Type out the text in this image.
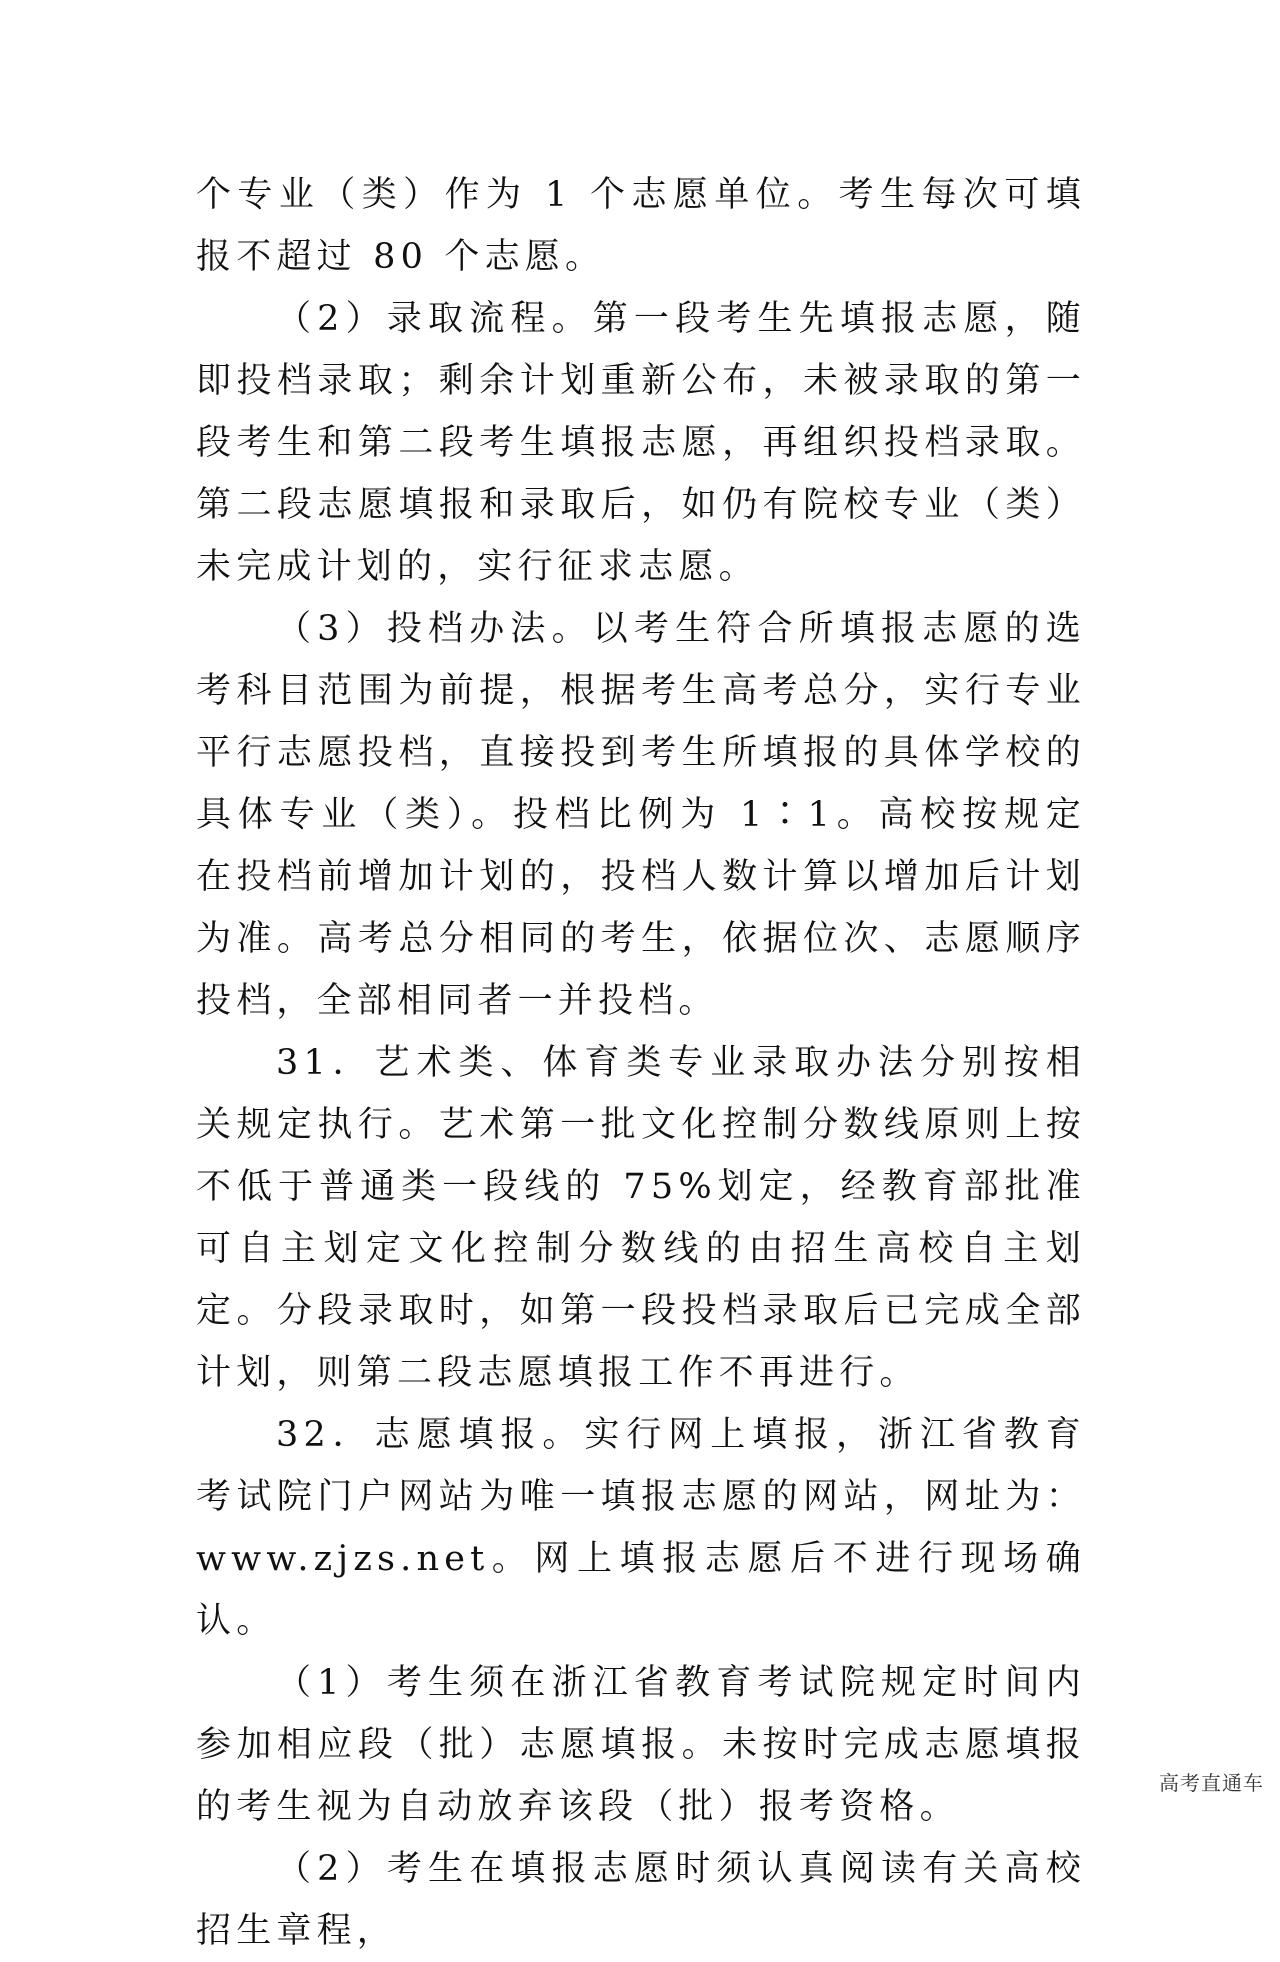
个专业（类）作为 1 个志愿单位。考生每次可填报不超过 80 个志愿。

（2）录取流程。第一段考生先填报志愿，随即投档录取；剩余计划重新公布，未被录取的第一段考生和第二段考生填报志愿，再组织投档录取。第二段志愿填报和录取后，如仍有院校专业（类）未完成计划的，实行征求志愿。

（3）投档办法。以考生符合所填报志愿的选考科目范围为前提，根据考生高考总分，实行专业平行志愿投档，直接投到考生所填报的具体学校的具体专业（类）。投档比例为 1∶1。高校按规定在投档前增加计划的，投档人数计算以增加后计划为准。高考总分相同的考生，依据位次、志愿顺序投档，全部相同者一并投档。

31．艺术类、体育类专业录取办法分别按相关规定执行。艺术第一批文化控制分数线原则上按不低于普通类一段线的 75%划定，经教育部批准可自主划定文化控制分数线的由招生高校自主划定。分段录取时，如第一段投档录取后已完成全部计划，则第二段志愿填报工作不再进行。

32．志愿填报。实行网上填报，浙江省教育考试院门户网站为唯一填报志愿的网站，网址为：www.zjzs.net。网上填报志愿后不进行现场确认。

（1）考生须在浙江省教育考试院规定时间内参加相应段（批）志愿填报。未按时完成志愿填报的考生视为自动放弃该段（批）报考资格。

（2）考生在填报志愿时须认真阅读有关高校招生章程，

高考直通车
